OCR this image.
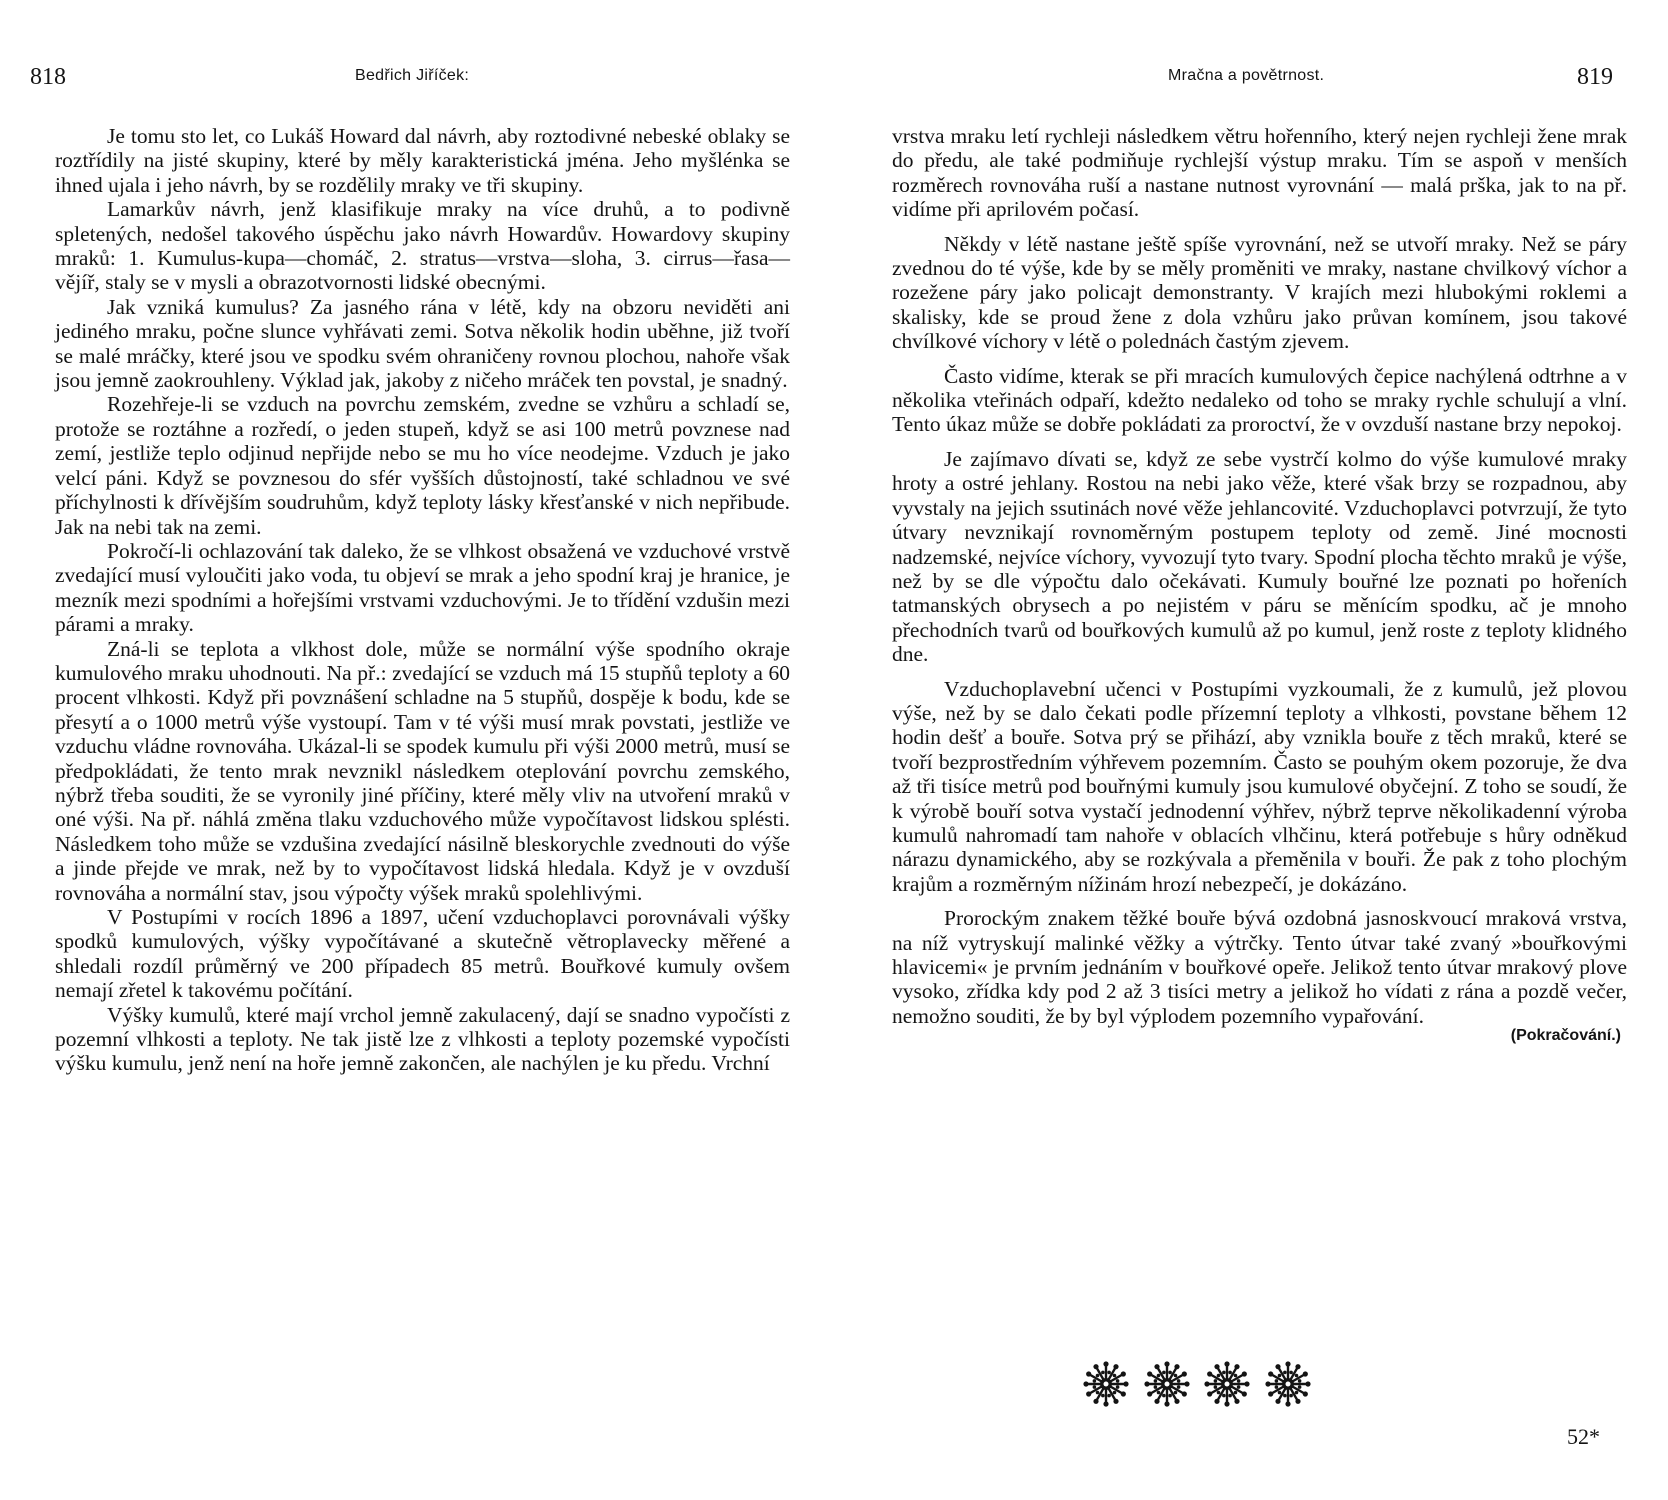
818	Bedřich Jiříček:

Je tomu sto let, co Lukáš Howard dal návrh, aby roztodivné nebeské oblaky se roztřídily na jisté skupiny, které by měly karakteristická jména. Jeho myšlénka se ihned ujala i jeho návrh, by se rozdělily mraky ve tři skupiny.

Lamarkův návrh, jenž klasifikuje mraky na více druhů, a to podivně spletených, nedošel takového úspěchu jako návrh Howardův. Howardovy skupiny mraků: 1. Kumulus-kupa—chomáč, 2. stratus—vrstva—sloha, 3. cirrus—řasa—vějíř, staly se v mysli a obrazotvornosti lidské obecnými.

Jak vzniká kumulus? Za jasného rána v létě, kdy na obzoru neviděti ani jediného mraku, počne slunce vyhřávati zemi. Sotva několik hodin uběhne, již tvoří se malé mráčky, které jsou ve spodku svém ohraničeny rovnou plochou, nahoře však jsou jemně zaokrouhleny. Výklad jak, jakoby z ničeho mráček ten povstal, je snadný.

Rozehřeje-li se vzduch na povrchu zemském, zvedne se vzhůru a schladí se, protože se roztáhne a rozředí, o jeden stupeň, když se asi 100 metrů povznese nad zemí, jestliže teplo odjinud nepřijde nebo se mu ho více neodejme. Vzduch je jako velcí páni. Když se povznesou do sfér vyšších důstojností, také schladnou ve své příchylnosti k dřívějším soudruhům, když teploty lásky křesťanské v nich nepřibude. Jak na nebi tak na zemi.

Pokročí-li ochlazování tak daleko, že se vlhkost obsažená ve vzduchové vrstvě zvedající musí vyloučiti jako voda, tu objeví se mrak a jeho spodní kraj je hranice, je mezník mezi spodními a hořejšími vrstvami vzduchovými. Je to třídění vzdušin mezi párami a mraky.

Zná-li se teplota a vlkhost dole, může se normální výše spodního okraje kumulového mraku uhodnouti. Na př.: zvedající se vzduch má 15 stupňů teploty a 60 procent vlhkosti. Když při povznášení schladne na 5 stupňů, dospěje k bodu, kde se přesytí a o 1000 metrů výše vystoupí. Tam v té výši musí mrak povstati, jestliže ve vzduchu vládne rovnováha. Ukázal-li se spodek kumulu při výši 2000 metrů, musí se předpokládati, že tento mrak nevznikl následkem oteplování povrchu zemského, nýbrž třeba souditi, že se vyronily jiné příčiny, které měly vliv na utvoření mraků v oné výši. Na př. náhlá změna tlaku vzduchového může vypočítavost lidskou splésti. Následkem toho může se vzdušina zvedající násilně bleskorychle zvednouti do výše a jinde přejde ve mrak, než by to vypočítavost lidská hledala. Když je v ovzduší rovnováha a normální stav, jsou výpočty výšek mraků spolehlivými.

V Postupími v rocích 1896 a 1897, učení vzduchoplavci porovnávali výšky spodků kumulových, výšky vypočítávané a skutečně větroplavecky měřené a shledali rozdíl průměrný ve 200 případech 85 metrů. Bouřkové kumuly ovšem nemají zřetel k takovému počítání.

Výšky kumulů, které mají vrchol jemně zakulacený, dají se snadno vypočísti z pozemní vlhkosti a teploty. Ne tak jistě lze z vlhkosti a teploty pozemské vypočísti výšku kumulu, jenž není na hoře jemně zakončen, ale nachýlen je ku předu. Vrchní

Mračna a povětrnost.	819

vrstva mraku letí rychleji následkem větru hořenního, který nejen rychleji žene mrak do předu, ale také podmiňuje rychlejší výstup mraku. Tím se aspoň v menších rozměrech rovnováha ruší a nastane nutnost vyrovnání — malá prška, jak to na př. vidíme při aprilovém počasí.

Někdy v létě nastane ještě spíše vyrovnání, než se utvoří mraky. Než se páry zvednou do té výše, kde by se měly proměniti ve mraky, nastane chvilkový víchor a rozežene páry jako policajt demonstranty. V krajích mezi hlubokými roklemi a skalisky, kde se proud žene z dola vzhůru jako průvan komínem, jsou takové chvílkové víchory v létě o polednách častým zjevem.

Často vidíme, kterak se při mracích kumulových čepice nachýlená odtrhne a v několika vteřinách odpaří, kdežto nedaleko od toho se mraky rychle schulují a vlní. Tento úkaz může se dobře pokládati za proroctví, že v ovzduší nastane brzy nepokoj.

Je zajímavo dívati se, když ze sebe vystrčí kolmo do výše kumulové mraky hroty a ostré jehlany. Rostou na nebi jako věže, které však brzy se rozpadnou, aby vyvstaly na jejich ssutinách nové věže jehlancovité. Vzduchoplavci potvrzují, že tyto útvary nevznikají rovnoměrným postupem teploty od země. Jiné mocnosti nadzemské, nejvíce víchory, vyvozují tyto tvary. Spodní plocha těchto mraků je výše, než by se dle výpočtu dalo očekávati. Kumuly bouřné lze poznati po hořeních tatmanských obrysech a po nejistém v páru se měnícím spodku, ač je mnoho přechodních tvarů od bouřkových kumulů až po kumul, jenž roste z teploty klidného dne.

Vzduchoplavební učenci v Postupími vyzkoumali, že z kumulů, jež plovou výše, než by se dalo čekati podle přízemní teploty a vlhkosti, povstane během 12 hodin dešť a bouře. Sotva prý se přihází, aby vznikla bouře z těch mraků, které se tvoří bezprostředním výhřevem pozemním. Často se pouhým okem pozoruje, že dva až tři tisíce metrů pod bouřnými kumuly jsou kumulové obyčejní. Z toho se soudí, že k výrobě bouří sotva vystačí jednodenní výhřev, nýbrž teprve několikadenní výroba kumulů nahromadí tam nahoře v oblacích vlhčinu, která potřebuje s hůry odněkud nárazu dynamického, aby se rozkývala a přeměnila v bouři. Že pak z toho plochým krajům a rozměrným nížinám hrozí nebezpečí, je dokázáno.

Prorockým znakem těžké bouře bývá ozdobná jasnoskvoucí mraková vrstva, na níž vytryskují malinké věžky a výtrčky. Tento útvar také zvaný »bouřkovými hlavicemi« je prvním jednáním v bouřkové opeře. Jelikož tento útvar mrakový plove vysoko, zřídka kdy pod 2 až 3 tisíci metry a jelikož ho vídati z rána a pozdě večer, nemožno souditi, že by byl výplodem pozemního vypařování.

(Pokračování.)
52*
